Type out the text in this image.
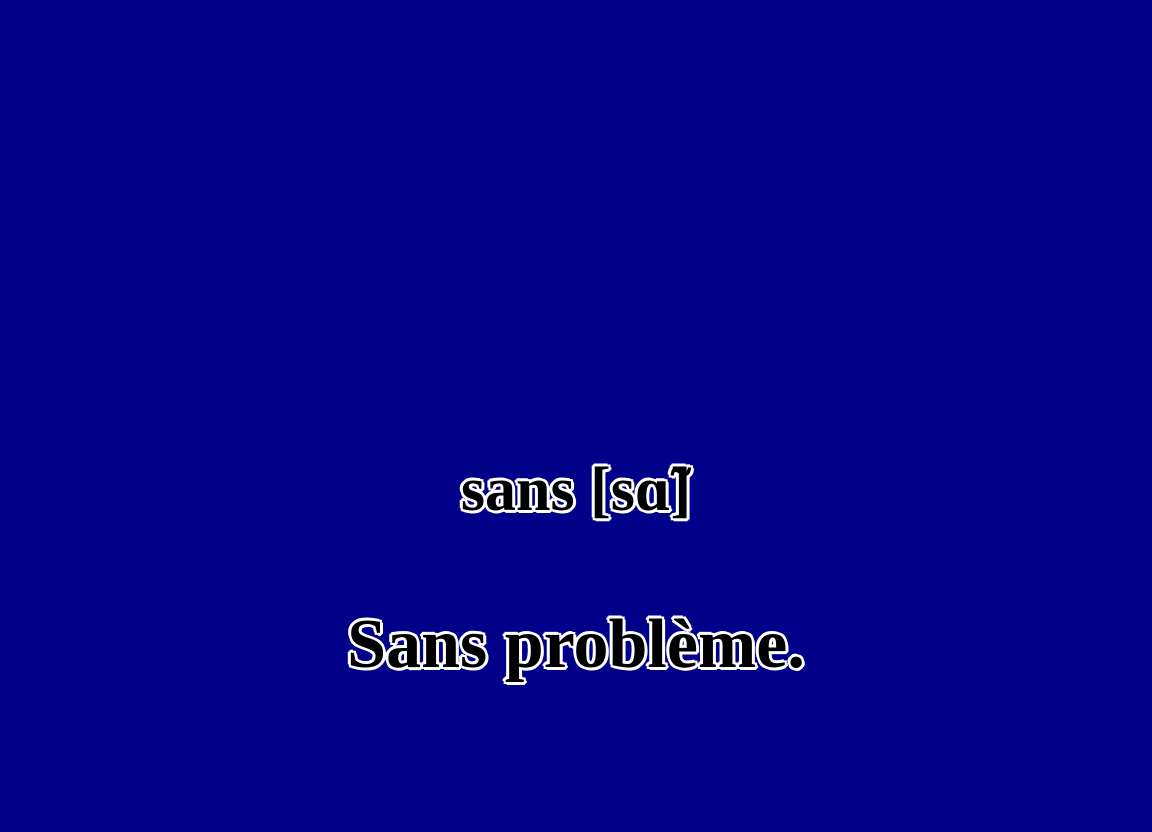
sans [sɑ̃]
Sans problème.
